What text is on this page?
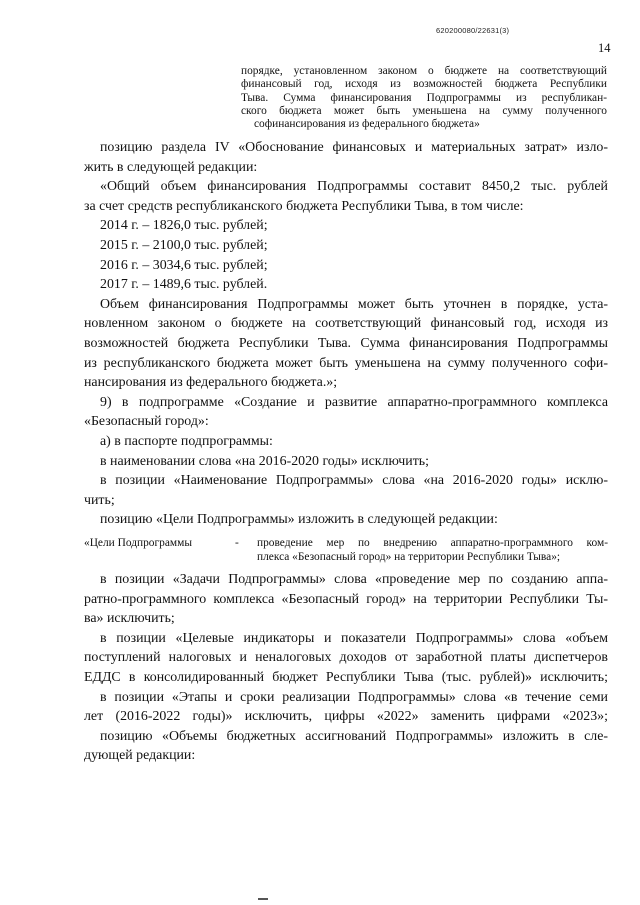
620200080/22631(3)
14
порядке, установленном законом о бюджете на соответствующий
финансовый год, исходя из возможностей бюджета Республики
Тыва. Сумма финансирования Подпрограммы из республикан-
ского бюджета может быть уменьшена на сумму полученного
софинансирования из федерального бюджета»
позицию раздела IV «Обоснование финансовых и материальных затрат» изло-
жить в следующей редакции:
«Общий объем финансирования Подпрограммы составит 8450,2 тыс. рублей
за счет средств республиканского бюджета Республики Тыва, в том числе:
2014 г. – 1826,0 тыс. рублей;
2015 г. – 2100,0 тыс. рублей;
2016 г. – 3034,6 тыс. рублей;
2017 г. – 1489,6 тыс. рублей.
Объем финансирования Подпрограммы может быть уточнен в порядке, уста-
новленном законом о бюджете на соответствующий финансовый год, исходя из
возможностей бюджета Республики Тыва. Сумма финансирования Подпрограммы
из республиканского бюджета может быть уменьшена на сумму полученного софи-
нансирования из федерального бюджета.»;
9) в подпрограмме «Создание и развитие аппаратно-программного комплекса
«Безопасный город»:
а) в паспорте подпрограммы:
в наименовании слова «на 2016-2020 годы» исключить;
в позиции «Наименование Подпрограммы» слова «на 2016-2020 годы» исклю-
чить;
позицию «Цели Подпрограммы» изложить в следующей редакции:
«Цели Подпрограммы	- проведение мер по внедрению аппаратно-программного ком-
плекса «Безопасный город» на территории Республики Тыва»;
в позиции «Задачи Подпрограммы» слова «проведение мер по созданию аппа-
ратно-программного комплекса «Безопасный город» на территории Республики Ты-
ва» исключить;
в позиции «Целевые индикаторы и показатели Подпрограммы» слова «объем
поступлений налоговых и неналоговых доходов от заработной платы диспетчеров
ЕДДС в консолидированный бюджет Республики Тыва (тыс. рублей)» исключить;
в позиции «Этапы и сроки реализации Подпрограммы» слова «в течение семи
лет (2016-2022 годы)» исключить, цифры «2022» заменить цифрами «2023»;
позицию «Объемы бюджетных ассигнований Подпрограммы» изложить в сле-
дующей редакции:
